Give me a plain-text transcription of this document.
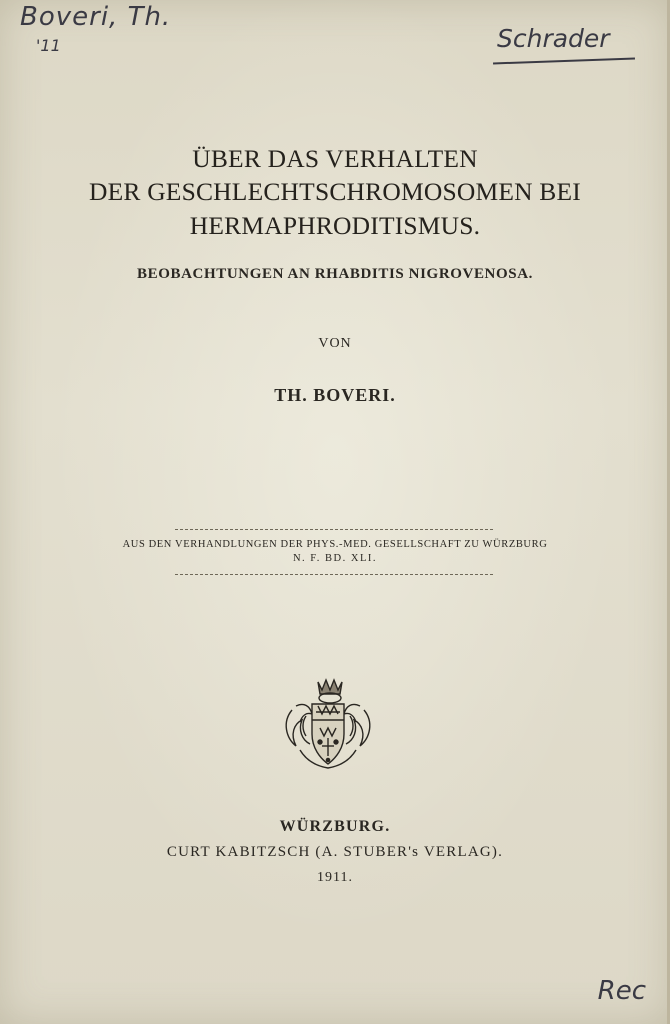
Boveri, Th.
'11	Schrader
ÜBER DAS VERHALTEN
DER GESCHLECHTSCHROMOSOMEN BEI
HERMAPHRODITISMUS.
BEOBACHTUNGEN AN RHABDITIS NIGROVENOSA.
VON
TH. BOVERI.
AUS DEN VERHANDLUNGEN DER PHYS.-MED. GESELLSCHAFT ZU WÜRZBURG
N. F. BD. XLI.
WÜRZBURG.
CURT KABITZSCH (A. STUBER's VERLAG).
1911.
Rec
